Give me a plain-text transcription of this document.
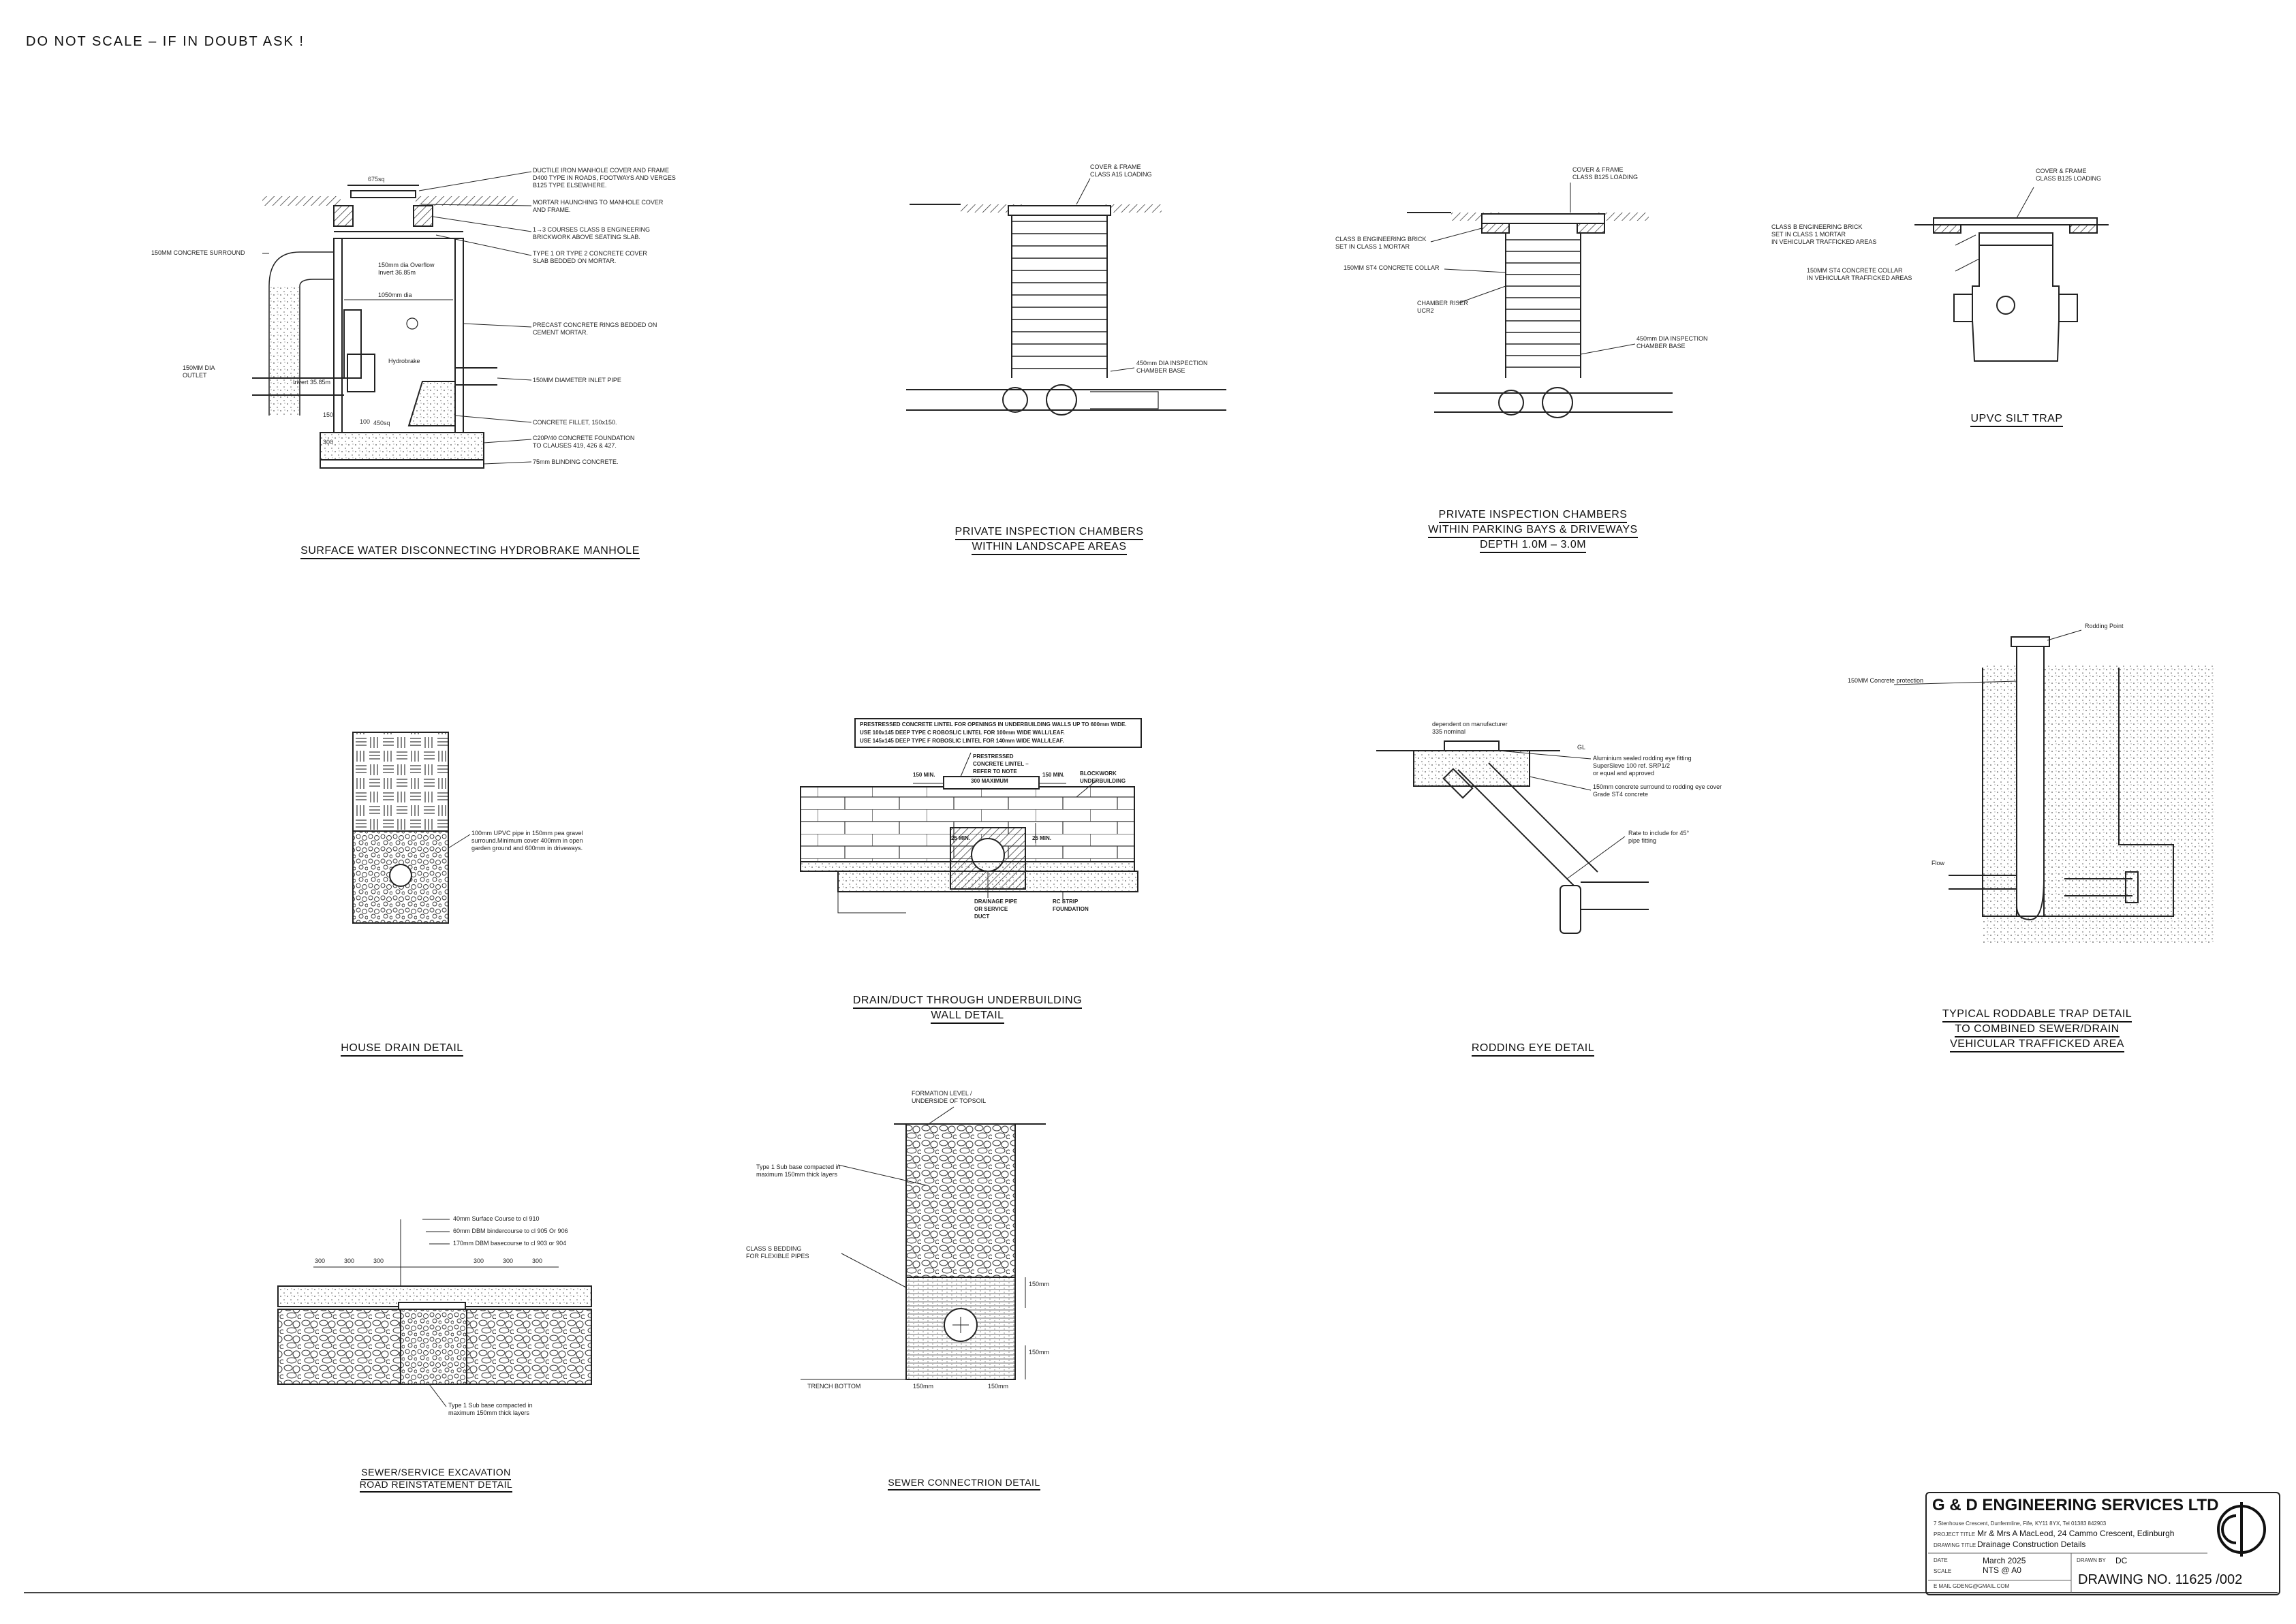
675sq
450sq
100
150
300
DO NOT SCALE – IF IN DOUBT ASK !
DUCTILE IRON MANHOLE COVER AND FRAME
D400 TYPE IN ROADS, FOOTWAYS AND VERGES
B125 TYPE ELSEWHERE.
MORTAR HAUNCHING TO MANHOLE COVER
AND FRAME.
1→3 COURSES CLASS B ENGINEERING
BRICKWORK ABOVE SEATING SLAB.
TYPE 1 OR TYPE 2 CONCRETE COVER
SLAB BEDDED ON MORTAR.
150MM CONCRETE SURROUND
150mm dia Overflow
Invert 36.85m
1050mm dia
PRECAST CONCRETE RINGS BEDDED ON
CEMENT MORTAR.
Hydrobrake
150MM DIA
OUTLET
Invert 35.85m	150MM DIAMETER INLET PIPE
CONCRETE FILLET, 150x150.
C20P/40 CONCRETE FOUNDATION
TO CLAUSES 419, 426 & 427.
75mm BLINDING CONCRETE.
SURFACE WATER DISCONNECTING HYDROBRAKE MANHOLE
COVER & FRAME
CLASS A15 LOADING
450mm DIA INSPECTION
CHAMBER BASE
PRIVATE INSPECTION CHAMBERS
WITHIN LANDSCAPE AREAS
COVER & FRAME
CLASS B125 LOADING
CLASS B ENGINEERING BRICK
SET IN CLASS 1 MORTAR
150MM ST4 CONCRETE COLLAR
CHAMBER RISER
UCR2
450mm DIA INSPECTION
CHAMBER BASE
PRIVATE INSPECTION CHAMBERS
WITHIN PARKING BAYS & DRIVEWAYS
DEPTH 1.0M – 3.0M
COVER & FRAME
CLASS B125 LOADING
CLASS B ENGINEERING BRICK
SET IN CLASS 1 MORTAR
IN VEHICULAR TRAFFICKED AREAS
150MM ST4 CONCRETE COLLAR
IN VEHICULAR TRAFFICKED AREAS
UPVC SILT TRAP
100mm UPVC pipe in 150mm pea gravel
surround.Minimum cover 400mm in open
garden ground and 600mm in driveways.
HOUSE DRAIN DETAIL
PRESTRESSED CONCRETE LINTEL FOR OPENINGS IN UNDERBUILDING WALLS UP TO 600mm WIDE.
USE 100x145 DEEP TYPE C ROBOSLIC LINTEL FOR 100mm WIDE WALL/LEAF.
USE 145x145 DEEP TYPE F ROBOSLIC LINTEL FOR 140mm WIDE WALL/LEAF.
PRESTRESSED
CONCRETE LINTEL –
REFER TO NOTE
150 MIN.	150 MIN.
300 MAXIMUM
BLOCKWORK
UNDERBUILDING
25 MIN.	25 MIN.
DRAINAGE PIPE
OR SERVICE
DUCT
RC STRIP
FOUNDATION
DRAIN/DUCT THROUGH UNDERBUILDING
WALL DETAIL
dependent on manufacturer
335 nominal
GL
Aluminium sealed rodding eye fitting
SuperSleve 100 ref. SRP1/2
or equal and approved
150mm concrete surround to rodding eye cover
Grade ST4 concrete
Rate to include for 45°
pipe fitting
RODDING EYE DETAIL
Rodding Point
150MM Concrete protection
Flow
TYPICAL RODDABLE TRAP DETAIL
TO COMBINED SEWER/DRAIN
VEHICULAR TRAFFICKED AREA
40mm Surface Course to cl 910
60mm DBM bindercourse to cl 905 Or 906
170mm DBM basecourse to cl 903 or 904
Type 1 Sub base compacted in
maximum 150mm thick layers
300	300	300	300	300	300
SEWER/SERVICE EXCAVATION
ROAD REINSTATEMENT DETAIL
FORMATION LEVEL /
UNDERSIDE OF TOPSOIL
Type 1 Sub base compacted in
maximum 150mm thick layers
CLASS S BEDDING
FOR FLEXIBLE PIPES
TRENCH BOTTOM
150mm
150mm
150mm	150mm
SEWER CONNECTRION DETAIL
G & D ENGINEERING SERVICES LTD
7 Stenhouse Crescent, Dunfermline, Fife, KY11 8YX, Tel 01383 842903
PROJECT TITLE Mr & Mrs A MacLeod, 24 Cammo Crescent, Edinburgh
DRAWING TITLE Drainage Construction Details
DATE	March 2025
SCALE	NTS @ A0
E MAIL GDENG@GMAIL.COM
DRAWN BY DC
DRAWING NO. 11625 /002
